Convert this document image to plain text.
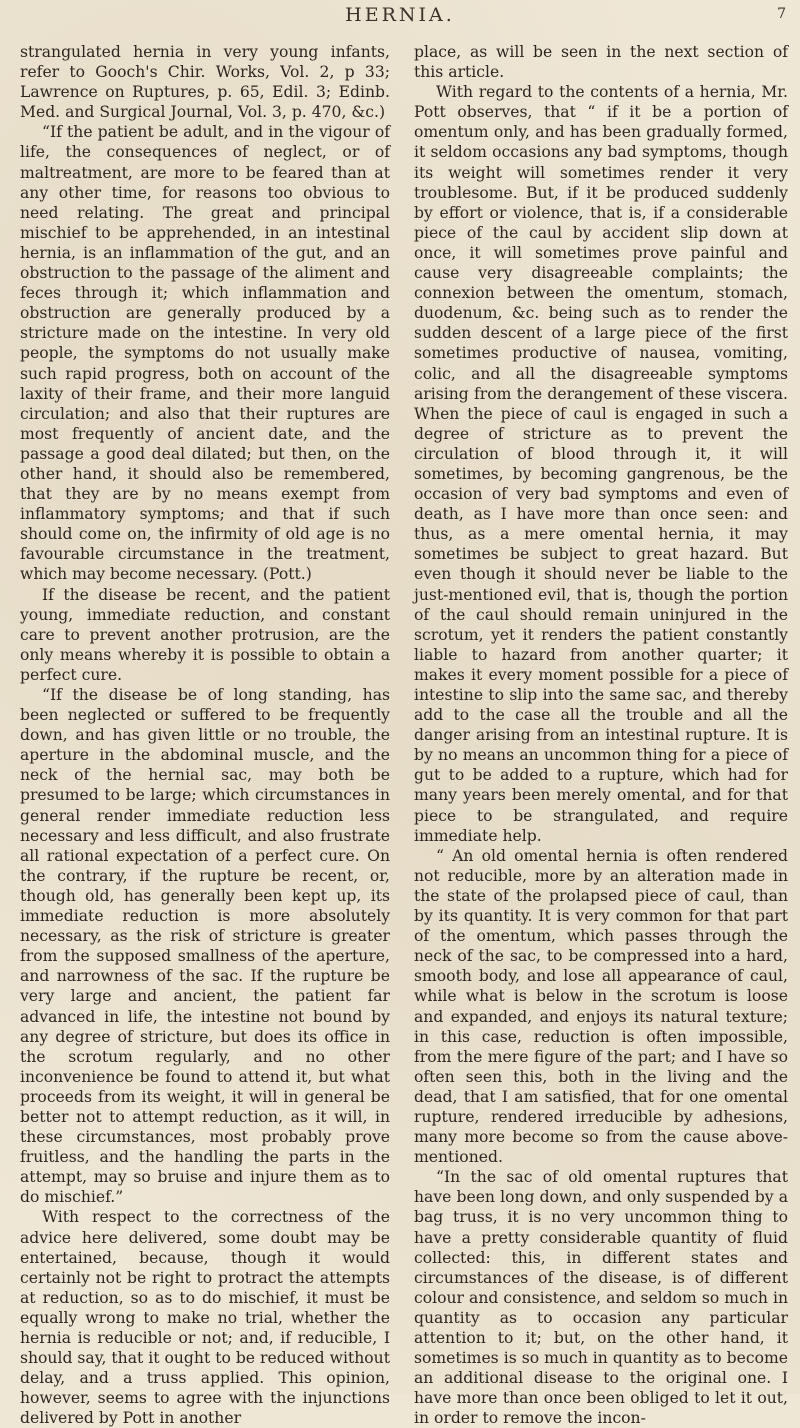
HERNIA.	7

strangulated hernia in very young infants, refer to Gooch's Chir. Works, Vol. 2, p 33; Lawrence on Ruptures, p. 65, Edil. 3; Edinb. Med. and Surgical Journal, Vol. 3, p. 470, &c.)

“If the patient be adult, and in the vigour of life, the consequences of neglect, or of maltreatment, are more to be feared than at any other time, for reasons too obvious to need relating. The great and principal mischief to be apprehended, in an intestinal hernia, is an inflammation of the gut, and an obstruction to the passage of the aliment and feces through it; which inflammation and obstruction are generally produced by a stricture made on the intestine. In very old people, the symptoms do not usually make such rapid progress, both on account of the laxity of their frame, and their more languid circulation; and also that their ruptures are most frequently of ancient date, and the passage a good deal dilated; but then, on the other hand, it should also be remembered, that they are by no means exempt from inflammatory symptoms; and that if such should come on, the infirmity of old age is no favourable circumstance in the treatment, which may become necessary. (Pott.)

If the disease be recent, and the patient young, immediate reduction, and constant care to prevent another protrusion, are the only means whereby it is possible to obtain a perfect cure.

“If the disease be of long standing, has been neglected or suffered to be frequently down, and has given little or no trouble, the aperture in the abdominal muscle, and the neck of the hernial sac, may both be presumed to be large; which circumstances in general render immediate reduction less necessary and less difficult, and also frustrate all rational expectation of a perfect cure. On the contrary, if the rupture be recent, or, though old, has generally been kept up, its immediate reduction is more absolutely necessary, as the risk of stricture is greater from the supposed smallness of the aperture, and narrowness of the sac. If the rupture be very large and ancient, the patient far advanced in life, the intestine not bound by any degree of stricture, but does its office in the scrotum regularly, and no other inconvenience be found to attend it, but what proceeds from its weight, it will in general be better not to attempt reduction, as it will, in these circumstances, most probably prove fruitless, and the handling the parts in the attempt, may so bruise and injure them as to do mischief.”

With respect to the correctness of the advice here delivered, some doubt may be entertained, because, though it would certainly not be right to protract the attempts at reduction, so as to do mischief, it must be equally wrong to make no trial, whether the hernia is reducible or not; and, if reducible, I should say, that it ought to be reduced without delay, and a truss applied. This opinion, however, seems to agree with the injunctions delivered by Pott in another

place, as will be seen in the next section of this article.

With regard to the contents of a hernia, Mr. Pott observes, that “ if it be a portion of omentum only, and has been gradually formed, it seldom occasions any bad symptoms, though its weight will sometimes render it very troublesome. But, if it be produced suddenly by effort or violence, that is, if a considerable piece of the caul by accident slip down at once, it will sometimes prove painful and cause very disagreeable complaints; the connexion between the omentum, stomach, duodenum, &c. being such as to render the sudden descent of a large piece of the first sometimes productive of nausea, vomiting, colic, and all the disagreeable symptoms arising from the derangement of these viscera. When the piece of caul is engaged in such a degree of stricture as to prevent the circulation of blood through it, it will sometimes, by becoming gangrenous, be the occasion of very bad symptoms and even of death, as I have more than once seen: and thus, as a mere omental hernia, it may sometimes be subject to great hazard. But even though it should never be liable to the just-mentioned evil, that is, though the portion of the caul should remain uninjured in the scrotum, yet it renders the patient constantly liable to hazard from another quarter; it makes it every moment possible for a piece of intestine to slip into the same sac, and thereby add to the case all the trouble and all the danger arising from an intestinal rupture. It is by no means an uncommon thing for a piece of gut to be added to a rupture, which had for many years been merely omental, and for that piece to be strangulated, and require immediate help.

“ An old omental hernia is often rendered not reducible, more by an alteration made in the state of the prolapsed piece of caul, than by its quantity. It is very common for that part of the omentum, which passes through the neck of the sac, to be compressed into a hard, smooth body, and lose all appearance of caul, while what is below in the scrotum is loose and expanded, and enjoys its natural texture; in this case, reduction is often impossible, from the mere figure of the part; and I have so often seen this, both in the living and the dead, that I am satisfied, that for one omental rupture, rendered irreducible by adhesions, many more become so from the cause above-mentioned.

“In the sac of old omental ruptures that have been long down, and only suspended by a bag truss, it is no very uncommon thing to have a pretty considerable quantity of fluid collected: this, in different states and circumstances of the disease, is of different colour and consistence, and seldom so much in quantity as to occasion any particular attention to it; but, on the other hand, it sometimes is so much in quantity as to become an additional disease to the original one. I have more than once been obliged to let it out, in order to remove the incon-
